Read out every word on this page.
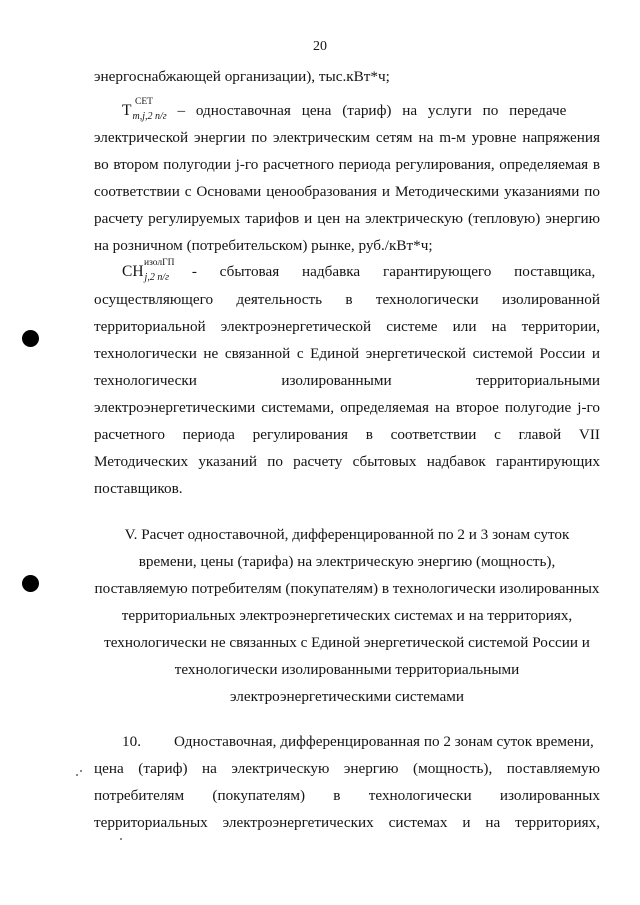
20
энергоснабжающей организации), тыс.кВт*ч;
T СЕТ
$_{m,j,2 п/г}$ – одноставочная цена (тариф) на услуги по передаче
электрической энергии по электрическим сетям на m-м уровне напряжения
во втором полугодии j-го расчетного периода регулирования, определяемая в
соответствии с Основами ценообразования и Методическими указаниями по
расчету регулируемых тарифов и цен на электрическую (тепловую) энергию
на розничном (потребительском) рынке, руб./кВт*ч;
СН изолГП
$_{j,2 п/г}$ - сбытовая надбавка гарантирующего поставщика,
осуществляющего деятельность в технологически изолированной
территориальной электроэнергетической системе или на территории,
технологически не связанной с Единой энергетической системой России и
технологически изолированными территориальными
электроэнергетическими системами, определяемая на второе полугодие j-го
расчетного периода регулирования в соответствии с главой VII
Методических указаний по расчету сбытовых надбавок гарантирующих
поставщиков.
V. Расчет одноставочной, дифференцированной по 2 и 3 зонам суток
времени, цены (тарифа) на электрическую энергию (мощность),
поставляемую потребителям (покупателям) в технологически изолированных
территориальных электроэнергетических системах и на территориях,
технологически не связанных с Единой энергетической системой России и
технологически изолированными территориальными
электроэнергетическими системами
10. Одноставочная, дифференцированная по 2 зонам суток времени,
цена (тариф) на электрическую энергию (мощность), поставляемую
потребителям (покупателям) в технологически изолированных
территориальных электроэнергетических системах и на территориях,
